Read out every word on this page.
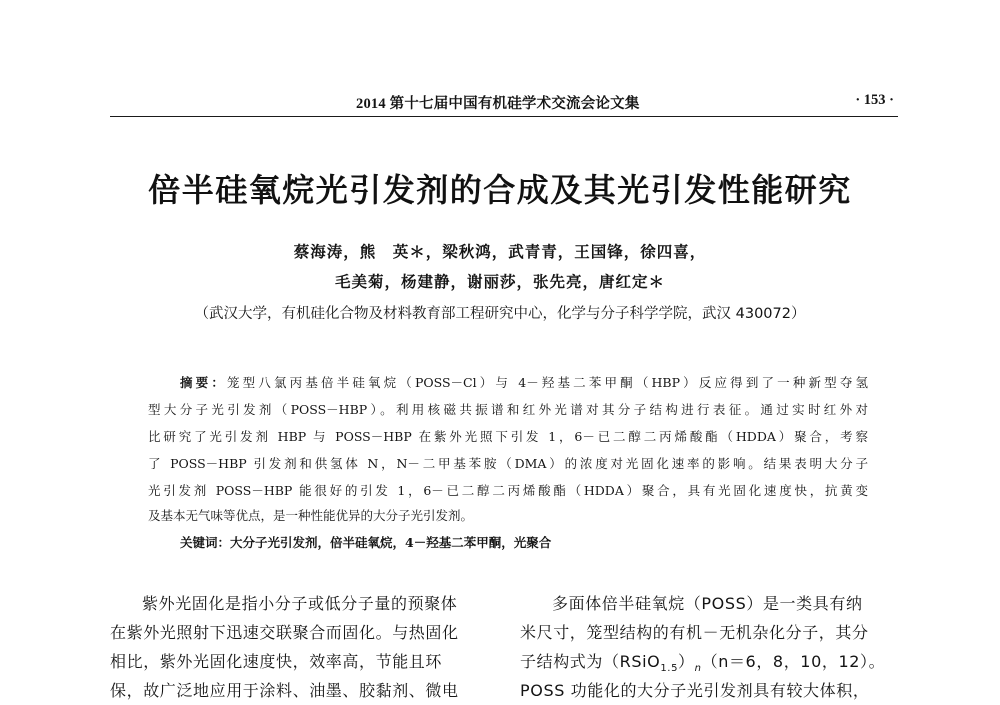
2014 第十七届中国有机硅学术交流会论文集	· 153 ·
倍半硅氧烷光引发剂的合成及其光引发性能研究
蔡海涛，熊　英＊，梁秋鸿，武青青，王国锋，徐四喜，
毛美菊，杨建静，谢丽莎，张先亮，唐红定＊
（武汉大学，有机硅化合物及材料教育部工程研究中心，化学与分子科学学院，武汉 430072）
摘要：笼型八氯丙基倍半硅氧烷（POSS－Cl）与 4－羟基二苯甲酮（HBP）反应得到了一种新型夺氢
型大分子光引发剂（POSS－HBP）。利用核磁共振谱和红外光谱对其分子结构进行表征。通过实时红外对
比研究了光引发剂 HBP 与 POSS－HBP 在紫外光照下引发 1，6－已二醇二丙烯酸酯（HDDA）聚合，考察
了 POSS－HBP 引发剂和供氢体 N，N－二甲基苯胺（DMA）的浓度对光固化速率的影响。结果表明大分子
光引发剂 POSS－HBP 能很好的引发 1，6－已二醇二丙烯酸酯（HDDA）聚合，具有光固化速度快，抗黄变
及基本无气味等优点，是一种性能优异的大分子光引发剂。
关键词：大分子光引发剂，倍半硅氧烷，4－羟基二苯甲酮，光聚合
紫外光固化是指小分子或低分子量的预聚体
在紫外光照射下迅速交联聚合而固化。与热固化
相比，紫外光固化速度快，效率高，节能且环
保，故广泛地应用于涂料、油墨、胶黏剂、微电
多面体倍半硅氧烷（POSS）是一类具有纳
米尺寸，笼型结构的有机－无机杂化分子，其分
子结构式为$(RSiO_{1.5})_n(n=6$，8，10，12）。
POSS 功能化的大分子光引发剂具有较大体积，
